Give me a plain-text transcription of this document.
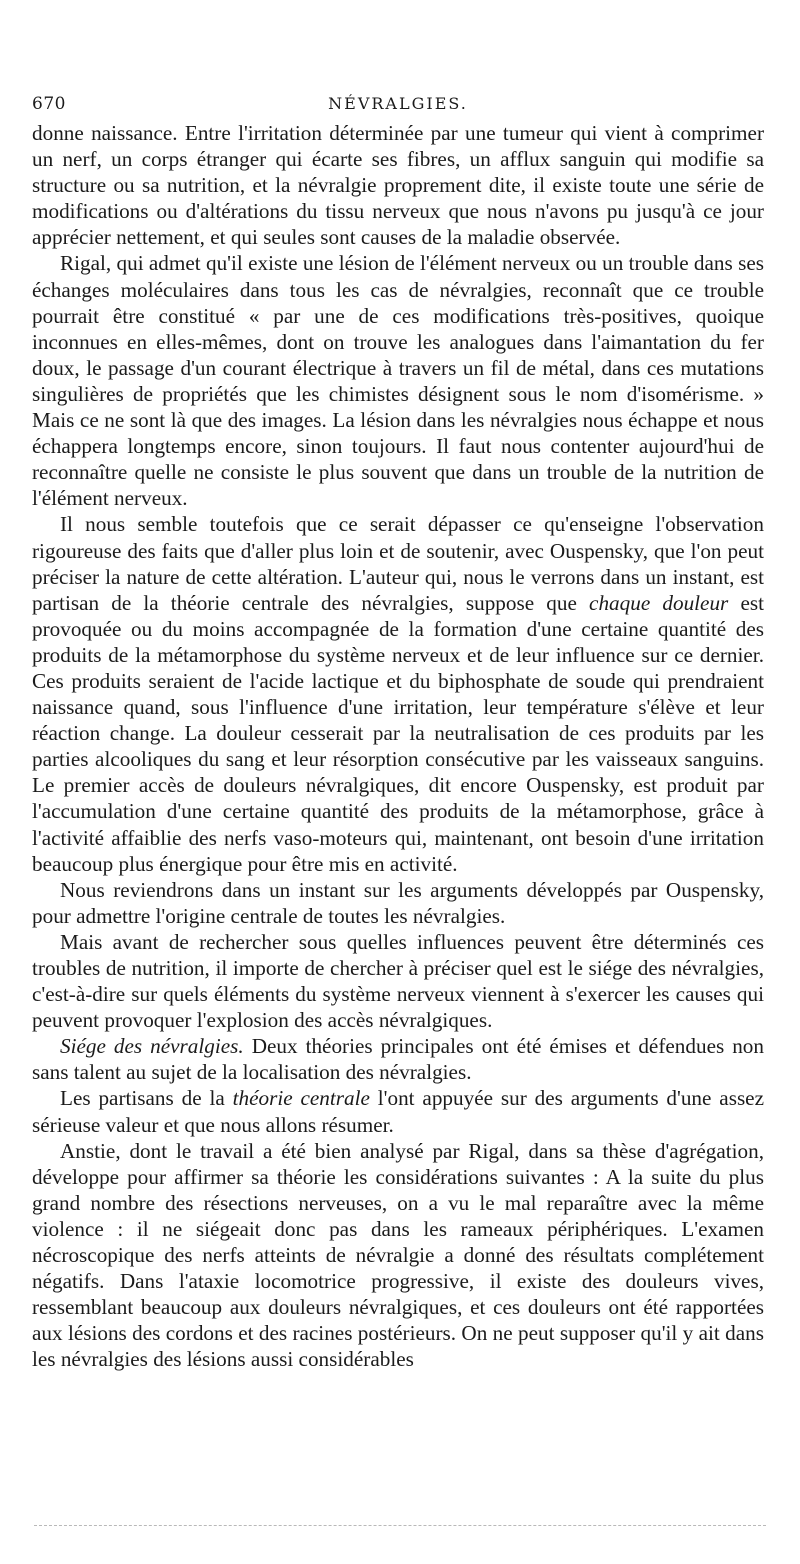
670	NÉVRALGIES.

donne naissance. Entre l'irritation déterminée par une tumeur qui vient à comprimer un nerf, un corps étranger qui écarte ses fibres, un afflux sanguin qui modifie sa structure ou sa nutrition, et la névralgie proprement dite, il existe toute une série de modifications ou d'altérations du tissu nerveux que nous n'avons pu jusqu'à ce jour apprécier nettement, et qui seules sont causes de la maladie observée.

Rigal, qui admet qu'il existe une lésion de l'élément nerveux ou un trouble dans ses échanges moléculaires dans tous les cas de névralgies, reconnaît que ce trouble pourrait être constitué « par une de ces modifications très-positives, quoique inconnues en elles-mêmes, dont on trouve les analogues dans l'aimantation du fer doux, le passage d'un courant électrique à travers un fil de métal, dans ces mutations singulières de propriétés que les chimistes désignent sous le nom d'isomérisme. » Mais ce ne sont là que des images. La lésion dans les névralgies nous échappe et nous échappera longtemps encore, sinon toujours. Il faut nous contenter aujourd'hui de reconnaître quelle ne consiste le plus souvent que dans un trouble de la nutrition de l'élément nerveux.

Il nous semble toutefois que ce serait dépasser ce qu'enseigne l'observation rigoureuse des faits que d'aller plus loin et de soutenir, avec Ouspensky, que l'on peut préciser la nature de cette altération. L'auteur qui, nous le verrons dans un instant, est partisan de la théorie centrale des névralgies, suppose que chaque douleur est provoquée ou du moins accompagnée de la formation d'une certaine quantité des produits de la métamorphose du système nerveux et de leur influence sur ce dernier. Ces produits seraient de l'acide lactique et du biphosphate de soude qui prendraient naissance quand, sous l'influence d'une irritation, leur température s'élève et leur réaction change. La douleur cesserait par la neutralisation de ces produits par les parties alcooliques du sang et leur résorption consécutive par les vaisseaux sanguins. Le premier accès de douleurs névralgiques, dit encore Ouspensky, est produit par l'accumulation d'une certaine quantité des produits de la métamorphose, grâce à l'activité affaiblie des nerfs vaso-moteurs qui, maintenant, ont besoin d'une irritation beaucoup plus énergique pour être mis en activité.

Nous reviendrons dans un instant sur les arguments développés par Ouspensky, pour admettre l'origine centrale de toutes les névralgies.

Mais avant de rechercher sous quelles influences peuvent être déterminés ces troubles de nutrition, il importe de chercher à préciser quel est le siége des névralgies, c'est-à-dire sur quels éléments du système nerveux viennent à s'exercer les causes qui peuvent provoquer l'explosion des accès névralgiques.

Siége des névralgies. Deux théories principales ont été émises et défendues non sans talent au sujet de la localisation des névralgies.

Les partisans de la théorie centrale l'ont appuyée sur des arguments d'une assez sérieuse valeur et que nous allons résumer.

Anstie, dont le travail a été bien analysé par Rigal, dans sa thèse d'agrégation, développe pour affirmer sa théorie les considérations suivantes : A la suite du plus grand nombre des résections nerveuses, on a vu le mal reparaître avec la même violence : il ne siégeait donc pas dans les rameaux périphériques. L'examen nécroscopique des nerfs atteints de névralgie a donné des résultats complétement négatifs. Dans l'ataxie locomotrice progressive, il existe des douleurs vives, ressemblant beaucoup aux douleurs névralgiques, et ces douleurs ont été rapportées aux lésions des cordons et des racines postérieurs. On ne peut supposer qu'il y ait dans les névralgies des lésions aussi considérables
